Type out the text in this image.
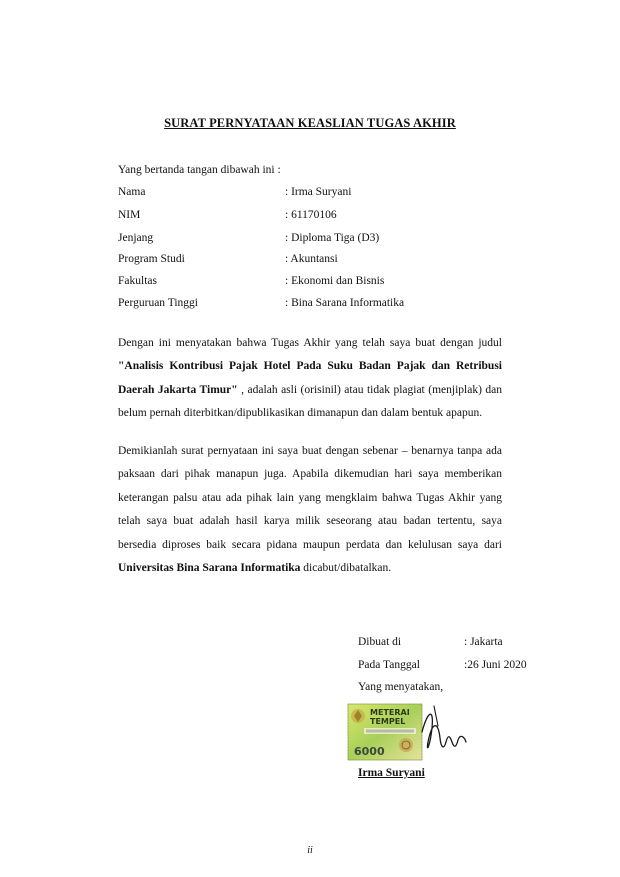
SURAT PERNYATAAN KEASLIAN TUGAS AKHIR
Yang bertanda tangan dibawah ini :
Nama	: Irma Suryani
NIM	: 61170106
Jenjang	: Diploma Tiga (D3)
Program Studi	: Akuntansi
Fakultas	: Ekonomi dan Bisnis
Perguruan Tinggi	: Bina Sarana Informatika
Dengan ini menyatakan bahwa Tugas Akhir yang telah saya buat dengan judul "Analisis Kontribusi Pajak Hotel Pada Suku Badan Pajak dan Retribusi Daerah Jakarta Timur" , adalah asli (orisinil) atau tidak plagiat (menjiplak) dan belum pernah diterbitkan/dipublikasikan dimanapun dan dalam bentuk apapun.
Demikianlah surat pernyataan ini saya buat dengan sebenar – benarnya tanpa ada paksaan dari pihak manapun juga. Apabila dikemudian hari saya memberikan keterangan palsu atau ada pihak lain yang mengklaim bahwa Tugas Akhir yang telah saya buat adalah hasil karya milik seseorang atau badan tertentu, saya bersedia diproses baik secara pidana maupun perdata dan kelulusan saya dari Universitas Bina Sarana Informatika dicabut/dibatalkan.
Dibuat di	: Jakarta
Pada Tanggal	:26 Juni 2020
Yang menyatakan,
METERAI
TEMPEL
6000
Irma Suryani
ii
